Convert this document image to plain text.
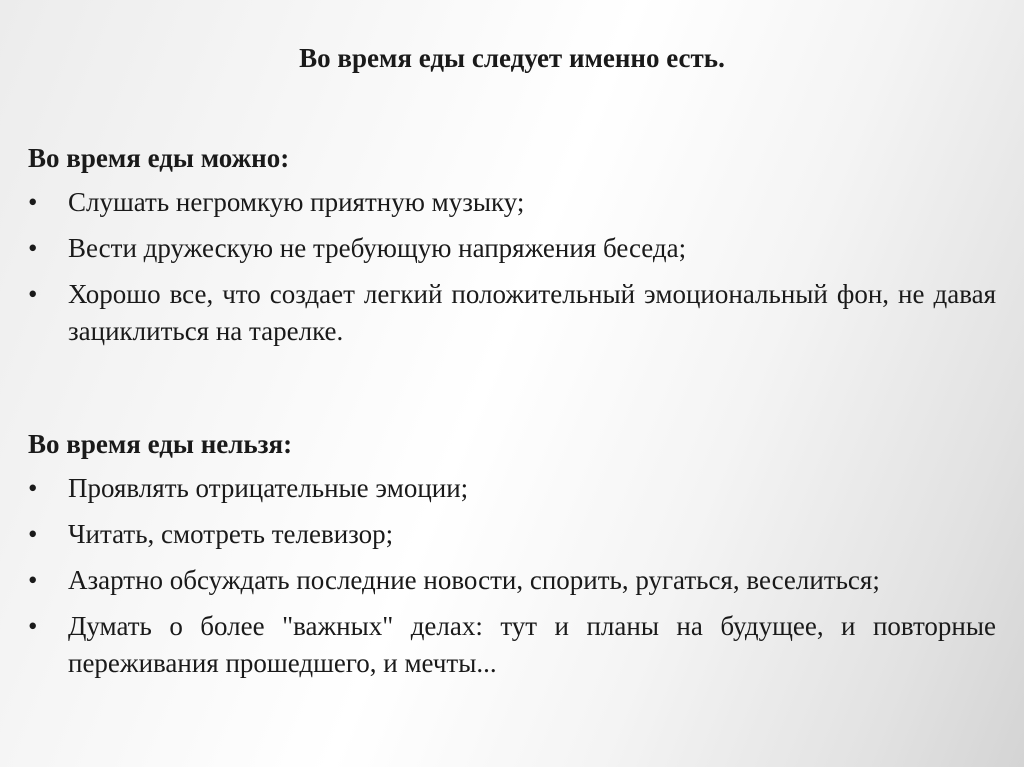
Во время еды следует именно есть.
Во время еды можно:
•	Слушать негромкую приятную музыку;
•	Вести дружескую не требующую напряжения беседа;
•	Хорошо все, что создает легкий положительный эмоциональный фон, не давая зациклиться на тарелке.
Во время еды нельзя:
•	Проявлять отрицательные эмоции;
•	Читать, смотреть телевизор;
•	Азартно обсуждать последние новости, спорить, ругаться, веселиться;
•	Думать о более "важных" делах: тут и планы на будущее, и повторные переживания прошедшего, и мечты...
